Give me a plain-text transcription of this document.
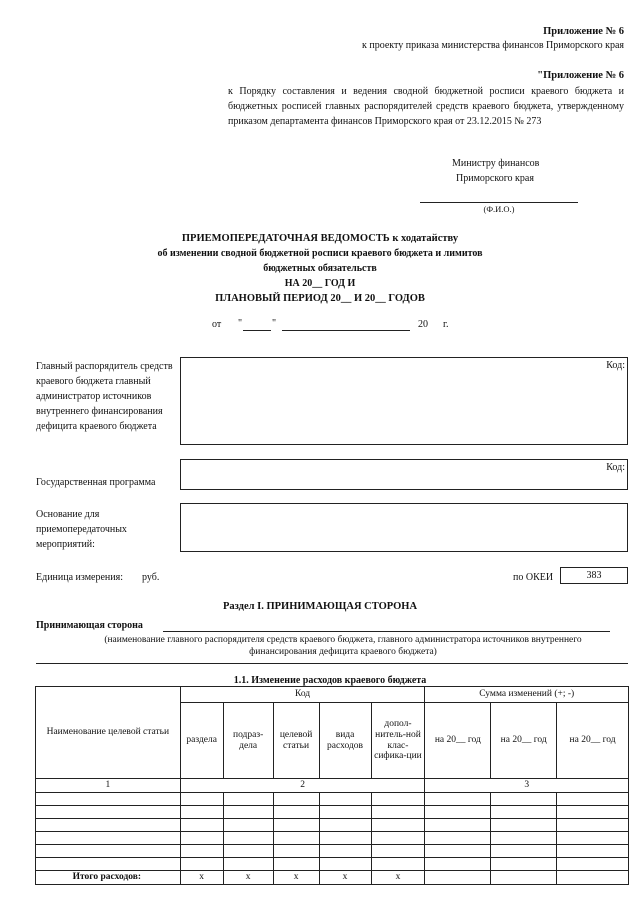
Приложение № 6
к проекту приказа министерства финансов Приморского края
"Приложение № 6
к Порядку составления и ведения сводной бюджетной росписи краевого бюджета и бюджетных росписей главных распорядителей средств краевого бюджета, утвержденному приказом департамента финансов Приморского края от 23.12.2015 № 273
Министру финансов
Приморского края
(Ф.И.О.)
ПРИЕМОПЕРЕДАТОЧНАЯ ВЕДОМОСТЬ к ходатайству
об изменении сводной бюджетной росписи краевого бюджета и лимитов
бюджетных обязательств
НА 20__ ГОД И
ПЛАНОВЫЙ ПЕРИОД 20__ И 20__ ГОДОВ
от "	"	20 г.
Главный распорядитель средств краевого бюджета главный администратор источников внутреннего финансирования дефицита краевого бюджета
Код:
Государственная программа
Код:
Основание для приемопередаточных мероприятий:
Единица измерения: руб.	по ОКЕИ	383
Раздел I. ПРИНИМАЮЩАЯ СТОРОНА
Принимающая сторона
(наименование главного распорядителя средств краевого бюджета, главного администратора источников внутреннего финансирования дефицита краевого бюджета)
1.1. Изменение расходов краевого бюджета
Наименование целевой статьи	Код					Сумма изменений (+; -)		
	раздела	подраз-дела	целевой статьи	вида расходов	допол-нитель-ной клас-сифика-ции	на 20__ год	на 20__ год	на 20__ год
1	2					3		

Итого расходов:	х	х	х	х	х			
